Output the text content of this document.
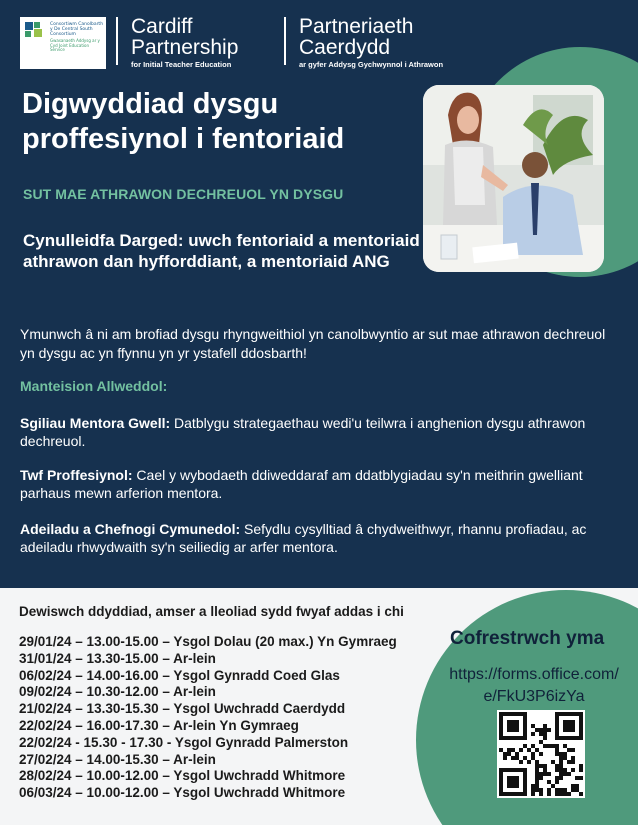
Consortiwm Canolbarth y De Central South Consortium
Gwasanaeth Addysg ar y Cyd Joint Education Service
Cardiff
Partnership
for Initial Teacher Education
Partneriaeth
Caerdydd
ar gyfer Addysg Gychwynnol i Athrawon
Digwyddiad dysgu proffesiynol i fentoriaid
SUT MAE ATHRAWON DECHREUOL YN DYSGU
Cynulleidfa Darged: uwch fentoriaid a mentoriaid athrawon dan hyfforddiant, a mentoriaid ANG

Ymunwch â ni am brofiad dysgu rhyngweithiol yn canolbwyntio ar sut mae athrawon dechreuol yn dysgu ac yn ffynnu yn yr ystafell ddosbarth!

Manteision Allweddol:

Sgiliau Mentora Gwell: Datblygu strategaethau wedi'u teilwra i anghenion dysgu athrawon dechreuol.

Twf Proffesiynol: Cael y wybodaeth ddiweddaraf am ddatblygiadau sy'n meithrin gwelliant parhaus mewn arferion mentora.

Adeiladu a Chefnogi Cymunedol: Sefydlu cysylltiad â chydweithwyr, rhannu profiadau, ac adeiladu rhwydwaith sy'n seiliedig ar arfer mentora.

Dewiswch ddyddiad, amser a lleoliad sydd fwyaf addas i chi
29/01/24 – 13.00-15.00 – Ysgol Dolau (20 max.) Yn Gymraeg
31/01/24 – 13.30-15.00 – Ar-lein
06/02/24 – 14.00-16.00 – Ysgol Gynradd Coed Glas
09/02/24 – 10.30-12.00 – Ar-lein
21/02/24 – 13.30-15.30 – Ysgol Uwchradd Caerdydd
22/02/24 – 16.00-17.30 – Ar-lein Yn Gymraeg
22/02/24 - 15.30 - 17.30 - Ysgol Gynradd Palmerston
27/02/24 – 14.00-15.30 – Ar-lein
28/02/24 – 10.00-12.00 – Ysgol Uwchradd Whitmore
06/03/24 – 10.00-12.00 – Ysgol Uwchradd Whitmore
Cofrestrwch yma
https://forms.office.com/
e/FkU3P6izYa
